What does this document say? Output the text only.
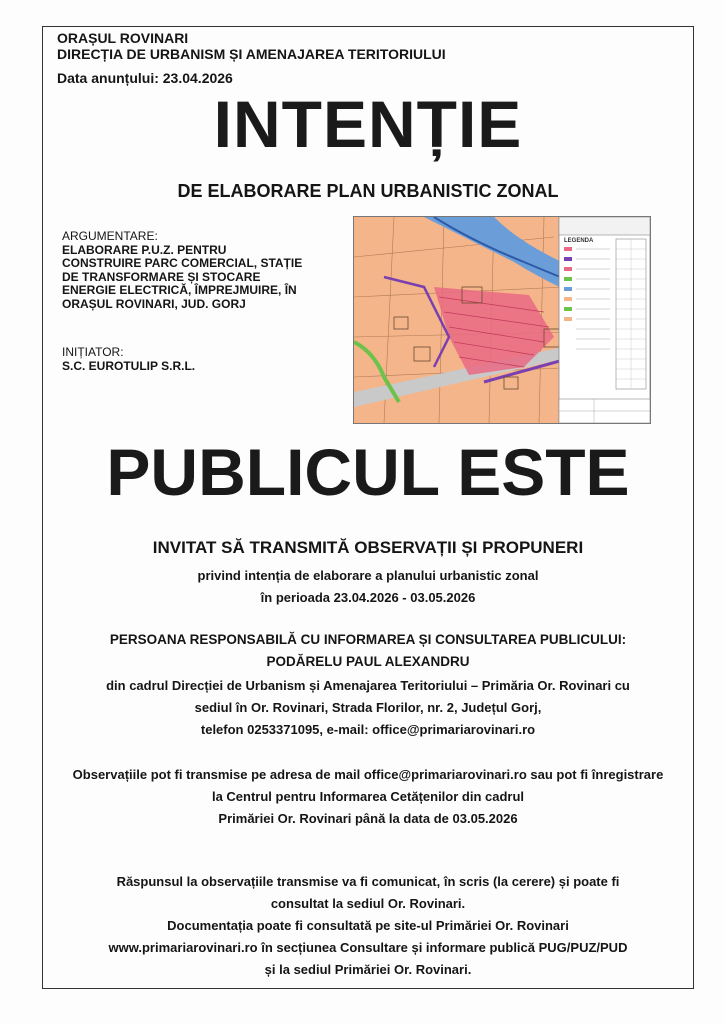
ORAȘUL ROVINARI
DIRECȚIA DE URBANISM ȘI AMENAJAREA TERITORIULUI
Data anunțului: 23.04.2026
INTENȚIE
DE ELABORARE PLAN URBANISTIC ZONAL
ARGUMENTARE:
ELABORARE P.U.Z. PENTRU
CONSTRUIRE PARC COMERCIAL, STAȚIE
DE TRANSFORMARE ȘI STOCARE
ENERGIE ELECTRICĂ, ÎMPREJMUIRE, ÎN
ORAȘUL ROVINARI, JUD. GORJ
INIȚIATOR:
S.C. EUROTULIP S.R.L.
LEGENDA
PUBLICUL ESTE
INVITAT SĂ TRANSMITĂ OBSERVAȚII ȘI PROPUNERI
privind intenția de elaborare a planului urbanistic zonal
în perioada 23.04.2026 - 03.05.2026
PERSOANA RESPONSABILĂ CU INFORMAREA ȘI CONSULTAREA PUBLICULUI:
PODĂRELU PAUL ALEXANDRU
din cadrul Direcției de Urbanism și Amenajarea Teritoriului – Primăria Or. Rovinari cu
sediul în Or. Rovinari, Strada Florilor, nr. 2, Județul Gorj,
telefon 0253371095, e-mail: office@primariarovinari.ro
Observațiile pot fi transmise pe adresa de mail office@primariarovinari.ro sau pot fi înregistrare
la Centrul pentru Informarea Cetățenilor din cadrul
Primăriei Or. Rovinari până la data de 03.05.2026
Răspunsul la observațiile transmise va fi comunicat, în scris (la cerere) și poate fi
consultat la sediul Or. Rovinari.
Documentația poate fi consultată pe site-ul Primăriei Or. Rovinari
www.primariarovinari.ro în secțiunea Consultare și informare publică PUG/PUZ/PUD
și la sediul Primăriei Or. Rovinari.
